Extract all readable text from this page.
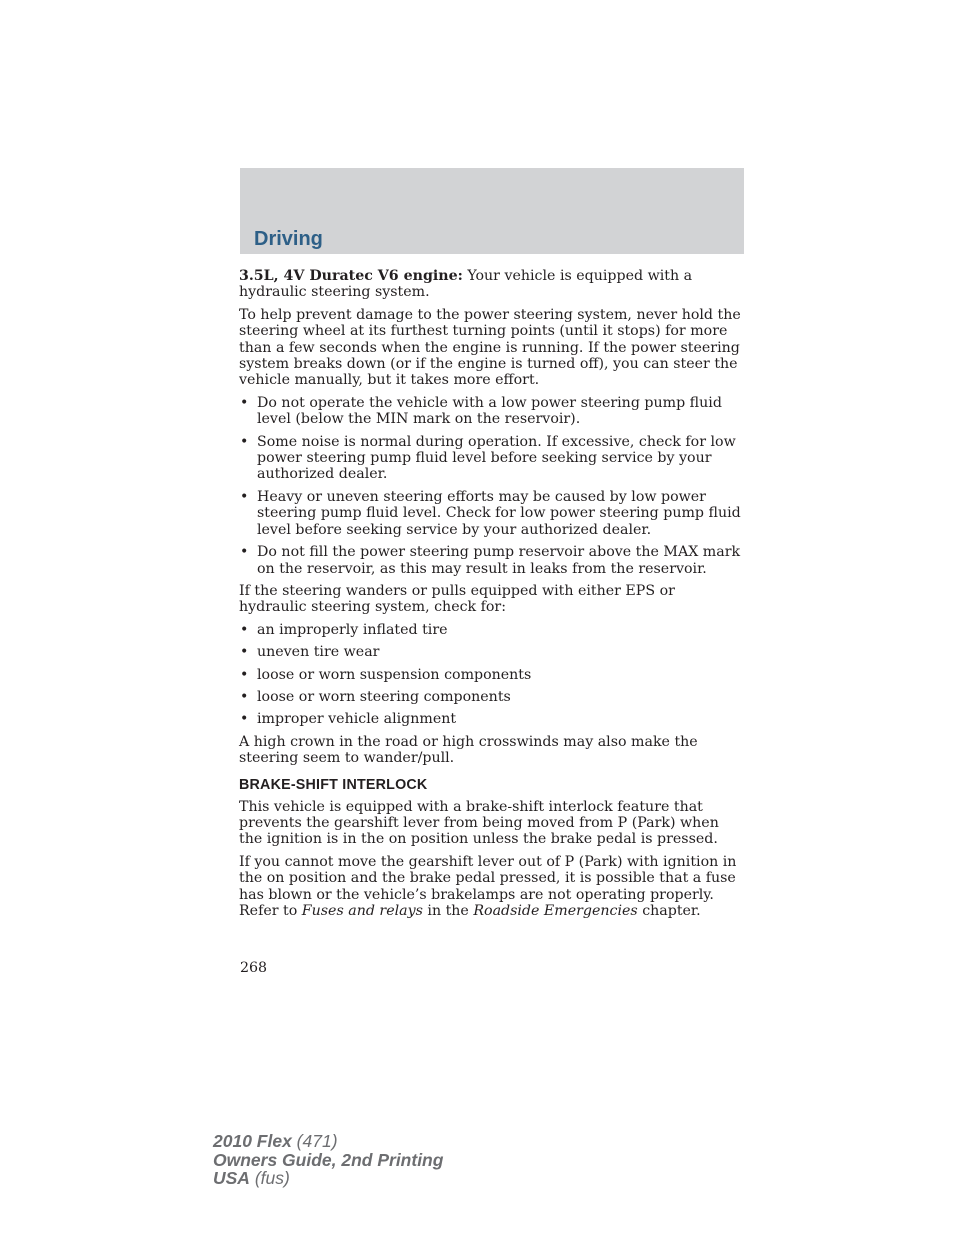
Driving

3.5L, 4V Duratec V6 engine: Your vehicle is equipped with a hydraulic steering system.

To help prevent damage to the power steering system, never hold the steering wheel at its furthest turning points (until it stops) for more than a few seconds when the engine is running. If the power steering system breaks down (or if the engine is turned off), you can steer the vehicle manually, but it takes more effort.

• Do not operate the vehicle with a low power steering pump fluid level (below the MIN mark on the reservoir).
• Some noise is normal during operation. If excessive, check for low power steering pump fluid level before seeking service by your authorized dealer.
• Heavy or uneven steering efforts may be caused by low power steering pump fluid level. Check for low power steering pump fluid level before seeking service by your authorized dealer.
• Do not fill the power steering pump reservoir above the MAX mark on the reservoir, as this may result in leaks from the reservoir.

If the steering wanders or pulls equipped with either EPS or hydraulic steering system, check for:

• an improperly inflated tire
• uneven tire wear
• loose or worn suspension components
• loose or worn steering components
• improper vehicle alignment

A high crown in the road or high crosswinds may also make the steering seem to wander/pull.

BRAKE-SHIFT INTERLOCK

This vehicle is equipped with a brake-shift interlock feature that prevents the gearshift lever from being moved from P (Park) when the ignition is in the on position unless the brake pedal is pressed.

If you cannot move the gearshift lever out of P (Park) with ignition in the on position and the brake pedal pressed, it is possible that a fuse has blown or the vehicle’s brakelamps are not operating properly. Refer to Fuses and relays in the Roadside Emergencies chapter.

268
2010 Flex (471)
Owners Guide, 2nd Printing
USA (fus)
